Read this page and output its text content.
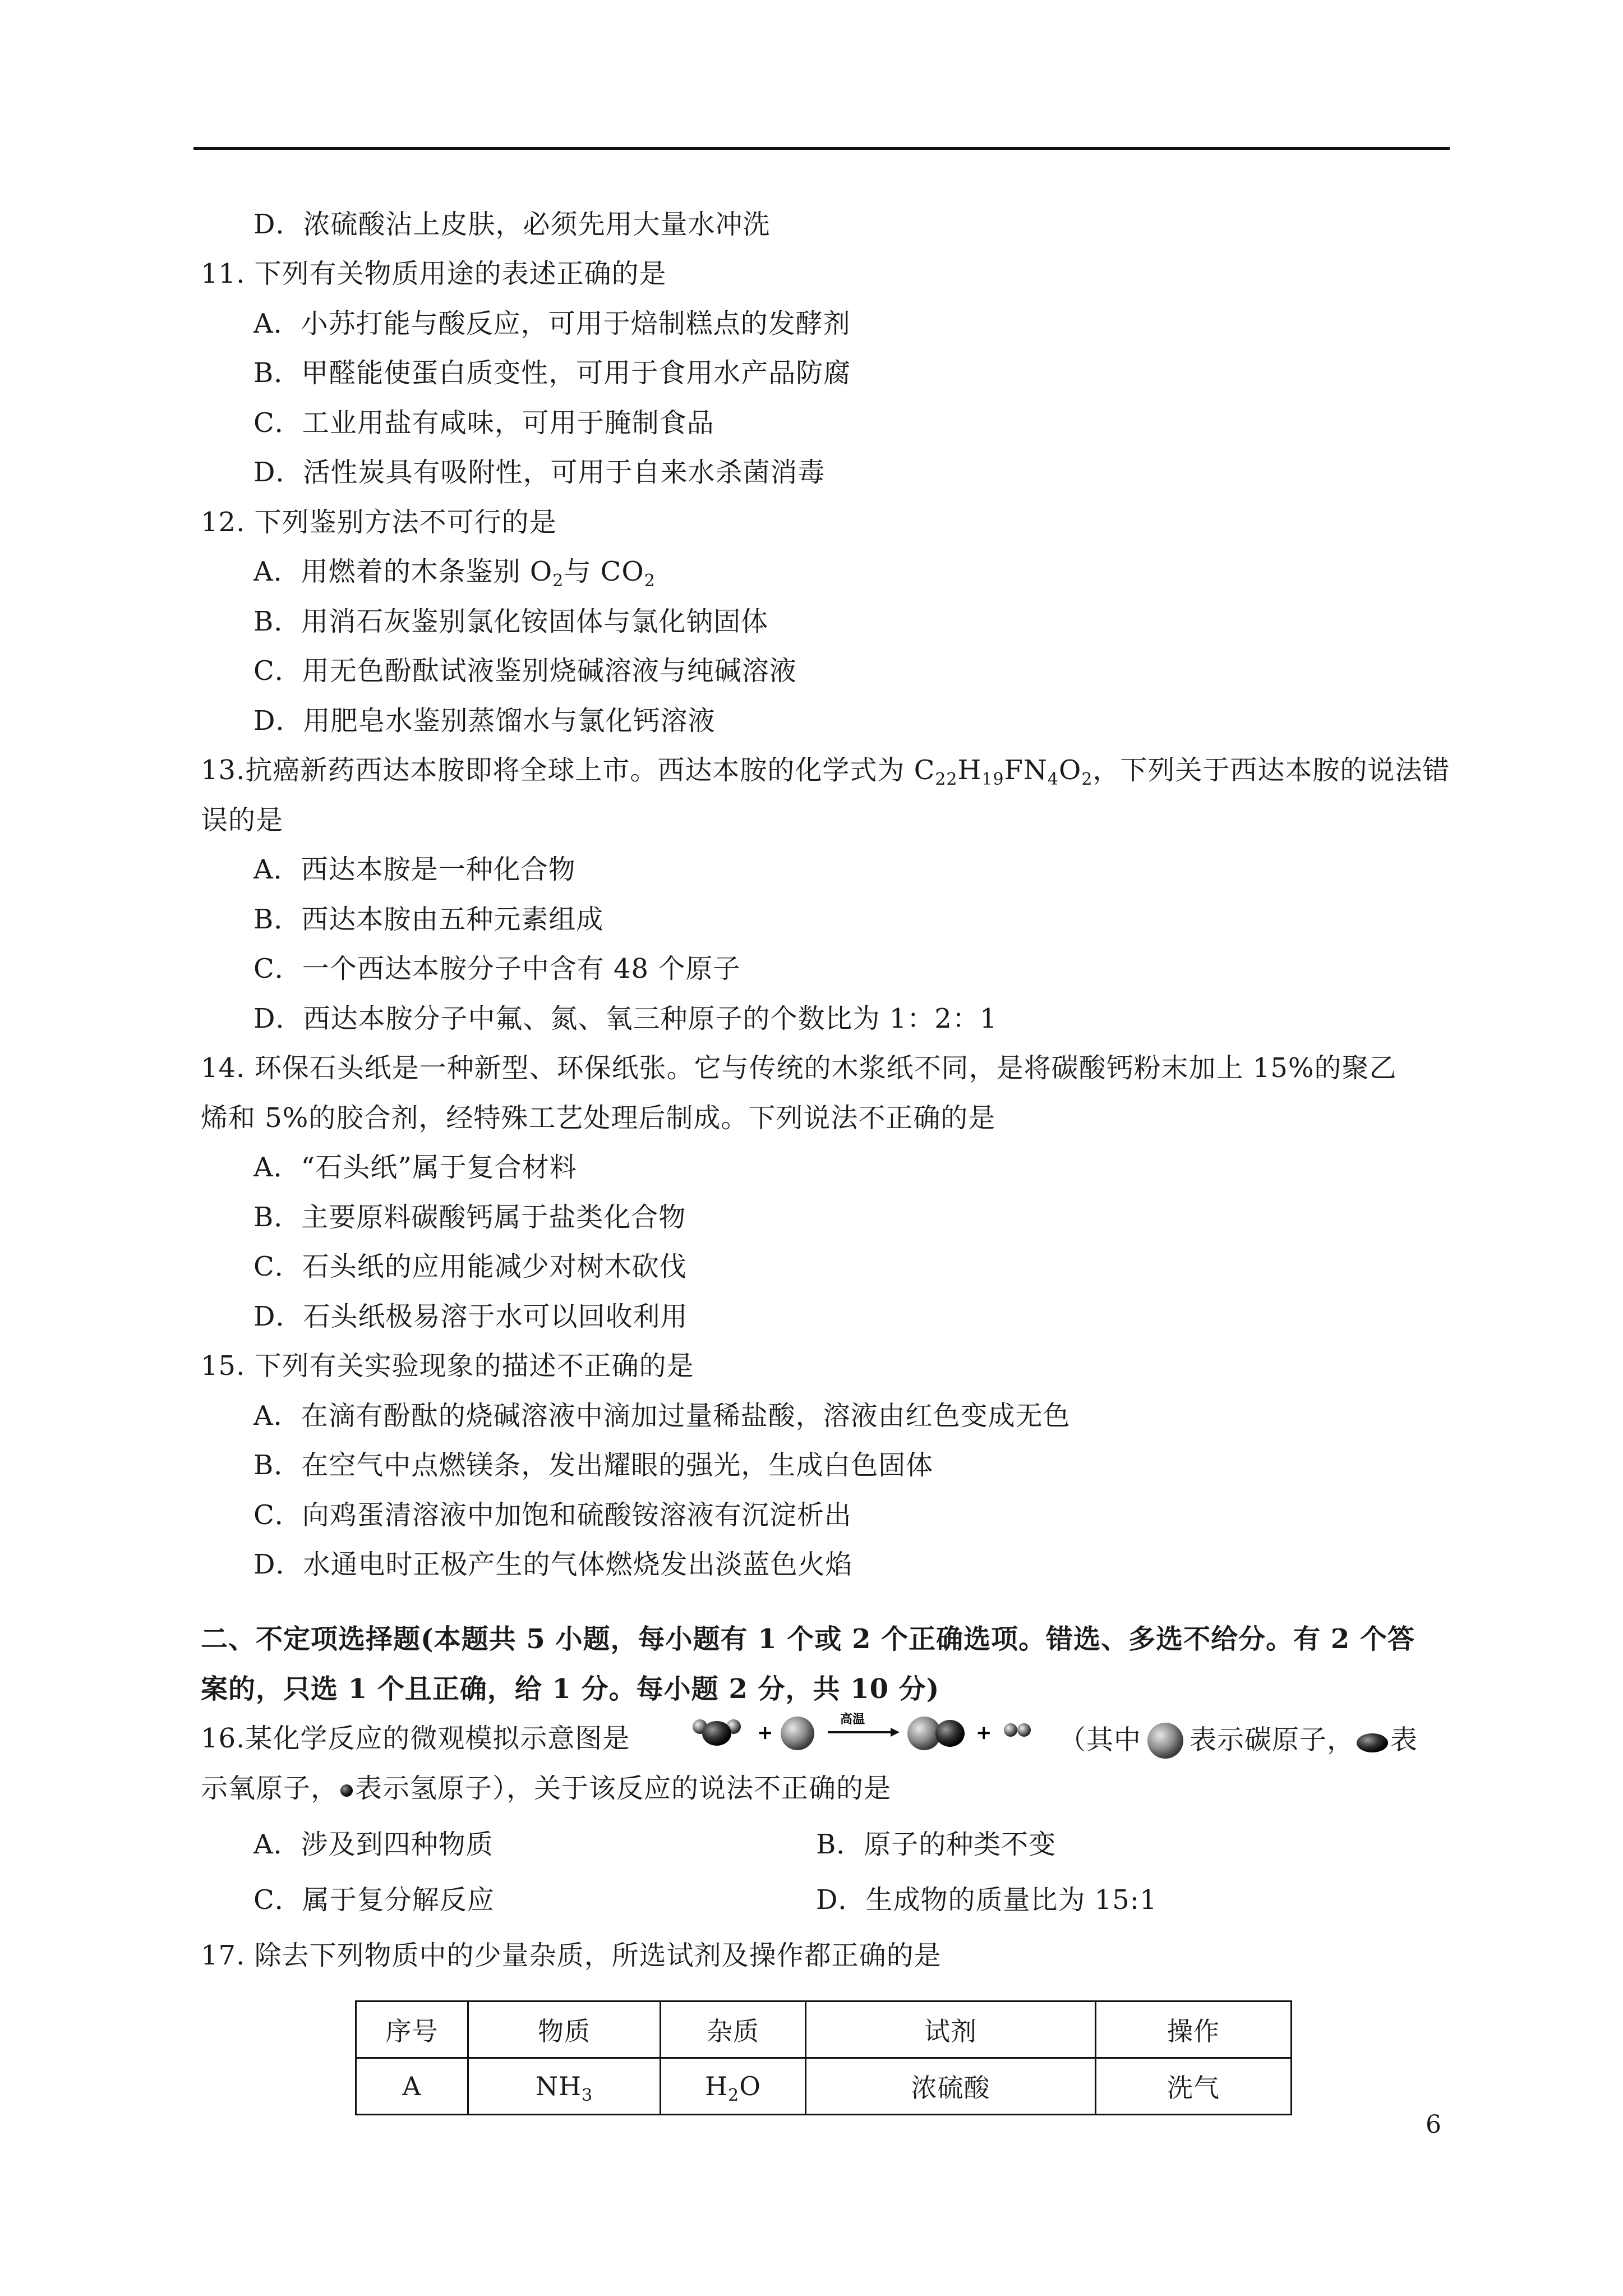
D．浓硫酸沾上皮肤，必须先用大量水冲洗
11. 下列有关物质用途的表述正确的是
A．小苏打能与酸反应，可用于焙制糕点的发酵剂
B．甲醛能使蛋白质变性，可用于食用水产品防腐
C．工业用盐有咸味，可用于腌制食品
D．活性炭具有吸附性，可用于自来水杀菌消毒
12. 下列鉴别方法不可行的是
A．用燃着的木条鉴别 $O_2$与 $CO_2$
B．用消石灰鉴别氯化铵固体与氯化钠固体
C．用无色酚酞试液鉴别烧碱溶液与纯碱溶液
D．用肥皂水鉴别蒸馏水与氯化钙溶液
13.抗癌新药西达本胺即将全球上市。西达本胺的化学式为 $C_{22}H_{19}FN_4O_2$，下列关于西达本胺的说法错
误的是
A．西达本胺是一种化合物
B．西达本胺由五种元素组成
C．一个西达本胺分子中含有 48 个原子
D．西达本胺分子中氟、氮、氧三种原子的个数比为 1：2：1
14. 环保石头纸是一种新型、环保纸张。它与传统的木浆纸不同，是将碳酸钙粉末加上 15%的聚乙
烯和 5%的胶合剂，经特殊工艺处理后制成。下列说法不正确的是
A．“石头纸”属于复合材料
B．主要原料碳酸钙属于盐类化合物
C．石头纸的应用能减少对树木砍伐
D．石头纸极易溶于水可以回收利用
15. 下列有关实验现象的描述不正确的是
A．在滴有酚酞的烧碱溶液中滴加过量稀盐酸，溶液由红色变成无色
B．在空气中点燃镁条，发出耀眼的强光，生成白色固体
C．向鸡蛋清溶液中加饱和硫酸铵溶液有沉淀析出
D．水通电时正极产生的气体燃烧发出淡蓝色火焰
二、不定项选择题(本题共 5 小题，每小题有 1 个或 2 个正确选项。错选、多选不给分。有 2 个答
案的，只选 1 个且正确，给 1 分。每小题 2 分，共 10 分)
16.某化学反应的微观模拟示意图是	+
高温
+ （其中 表示碳原子， 表
示氧原子， 表示氢原子），关于该反应的说法不正确的是
A．涉及到四种物质	B．原子的种类不变
C．属于复分解反应	D．生成物的质量比为 15:1
17. 除去下列物质中的少量杂质，所选试剂及操作都正确的是
序号	物质	杂质	试剂	操作
A	$NH_3$	$H_2O$	浓硫酸	洗气
6
